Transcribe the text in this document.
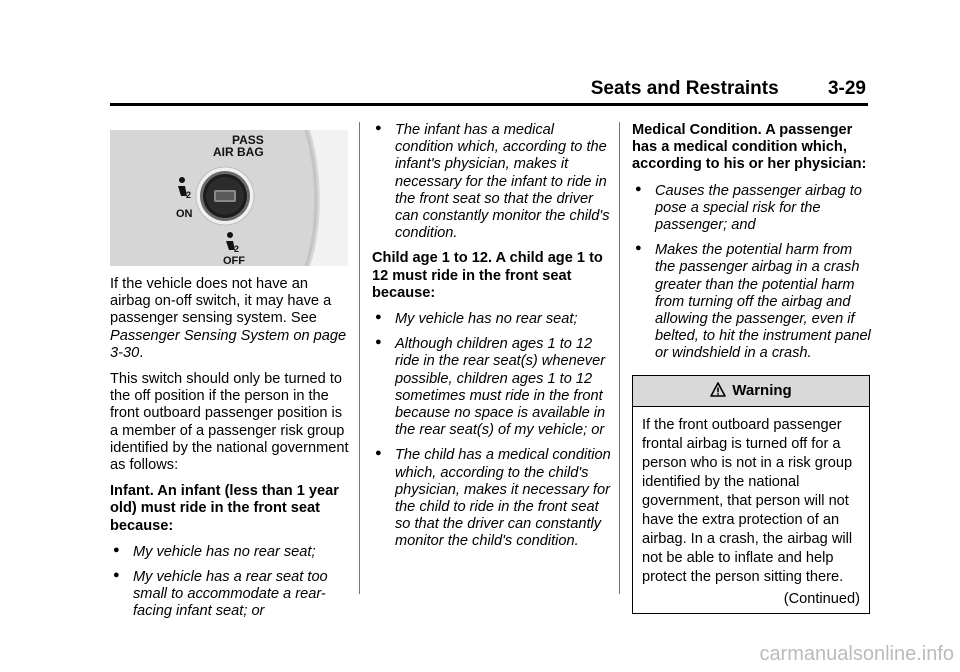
Seats and Restraints	3-29
2
2
PASS
AIR BAG
ON
OFF

If the vehicle does not have an airbag on-off switch, it may have a passenger sensing system. See Passenger Sensing System on page 3-30.

This switch should only be turned to the off position if the person in the front outboard passenger position is a member of a passenger risk group identified by the national government as follows:

Infant. An infant (less than 1 year old) must ride in the front seat because:

● My vehicle has no rear seat;
● My vehicle has a rear seat too small to accommodate a rear-facing infant seat; or
● The infant has a medical condition which, according to the infant's physician, makes it necessary for the infant to ride in the front seat so that the driver can constantly monitor the child's condition.

Child age 1 to 12. A child age 1 to 12 must ride in the front seat because:

● My vehicle has no rear seat;
● Although children ages 1 to 12 ride in the rear seat(s) whenever possible, children ages 1 to 12 sometimes must ride in the front because no space is available in the rear seat(s) of my vehicle; or
● The child has a medical condition which, according to the child's physician, makes it necessary for the child to ride in the front seat so that the driver can constantly monitor the child's condition.

Medical Condition. A passenger has a medical condition which, according to his or her physician:

● Causes the passenger airbag to pose a special risk for the passenger; and
● Makes the potential harm from the passenger airbag in a crash greater than the potential harm from turning off the airbag and allowing the passenger, even if belted, to hit the instrument panel or windshield in a crash.
Warning
If the front outboard passenger frontal airbag is turned off for a person who is not in a risk group identified by the national government, that person will not have the extra protection of an airbag. In a crash, the airbag will not be able to inflate and help protect the person sitting there.
(Continued)
carmanualsonline.info
